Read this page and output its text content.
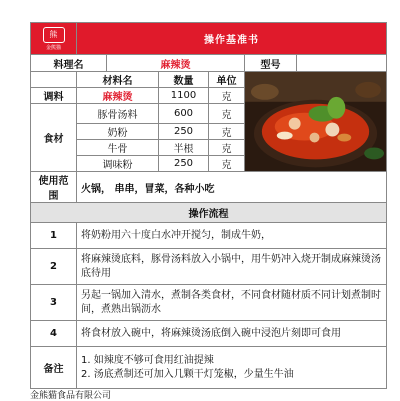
熊
金熊猫	操作基准书					
料理名		麻辣烫			型号	
	材料名		数量	单位	

调料	麻辣烫		1100	克		
食材	豚骨汤料		600	克		
	奶粉		250	克		
	牛骨		半根	克		
	调味粉		250	克		
使用范围	火锅， 串串，冒菜，各种小吃					
操作流程						
1	将奶粉用六十度白水冲开搅匀，制成牛奶，					
2	将麻辣烫底料，豚骨汤料放入小锅中，用牛奶冲入烧开制成麻辣烫汤底待用					
3	另起一锅加入清水，煮制各类食材，不同食材随材质不同计划煮制时间，煮熟出锅沥水					
4	将食材放入碗中，将麻辣烫汤底倒入碗中浸泡片刻即可食用					
备注	1. 如辣度不够可食用红油提辣
2. 汤底煮制还可加入几颗干灯笼椒，少量生牛油					
金熊猫食品有限公司
